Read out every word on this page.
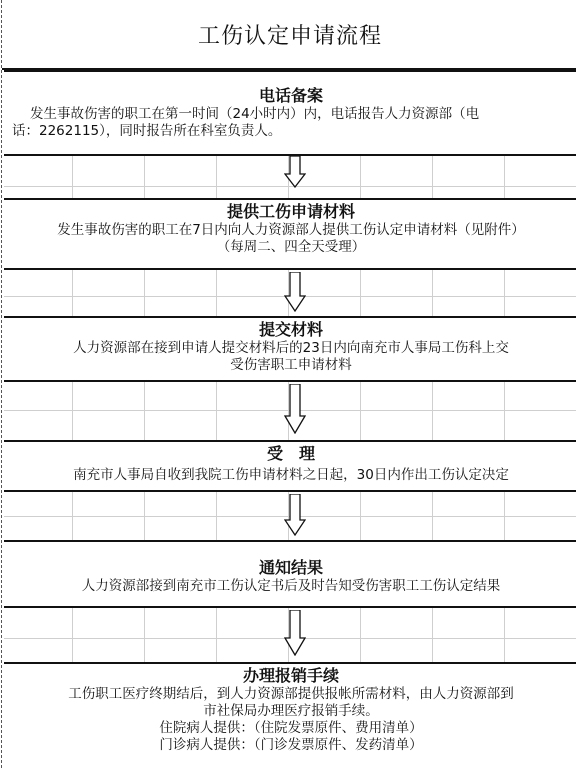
工伤认定申请流程
电话备案
发生事故伤害的职工在第一时间（24小时内）内，电话报告人力资源部（电
话：2262115），同时报告所在科室负责人。
提供工伤申请材料
发生事故伤害的职工在7日内向人力资源部人提供工伤认定申请材料（见附件）
（每周二、四全天受理）
提交材料
人力资源部在接到申请人提交材料后的23日内向南充市人事局工伤科上交
受伤害职工申请材料
受　理
南充市人事局自收到我院工伤申请材料之日起，30日内作出工伤认定决定
通知结果
人力资源部接到南充市工伤认定书后及时告知受伤害职工工伤认定结果
办理报销手续
工伤职工医疗终期结后，到人力资源部提供报帐所需材料，由人力资源部到
市社保局办理医疗报销手续。
住院病人提供：（住院发票原件、费用清单）
门诊病人提供：（门诊发票原件、发药清单）
